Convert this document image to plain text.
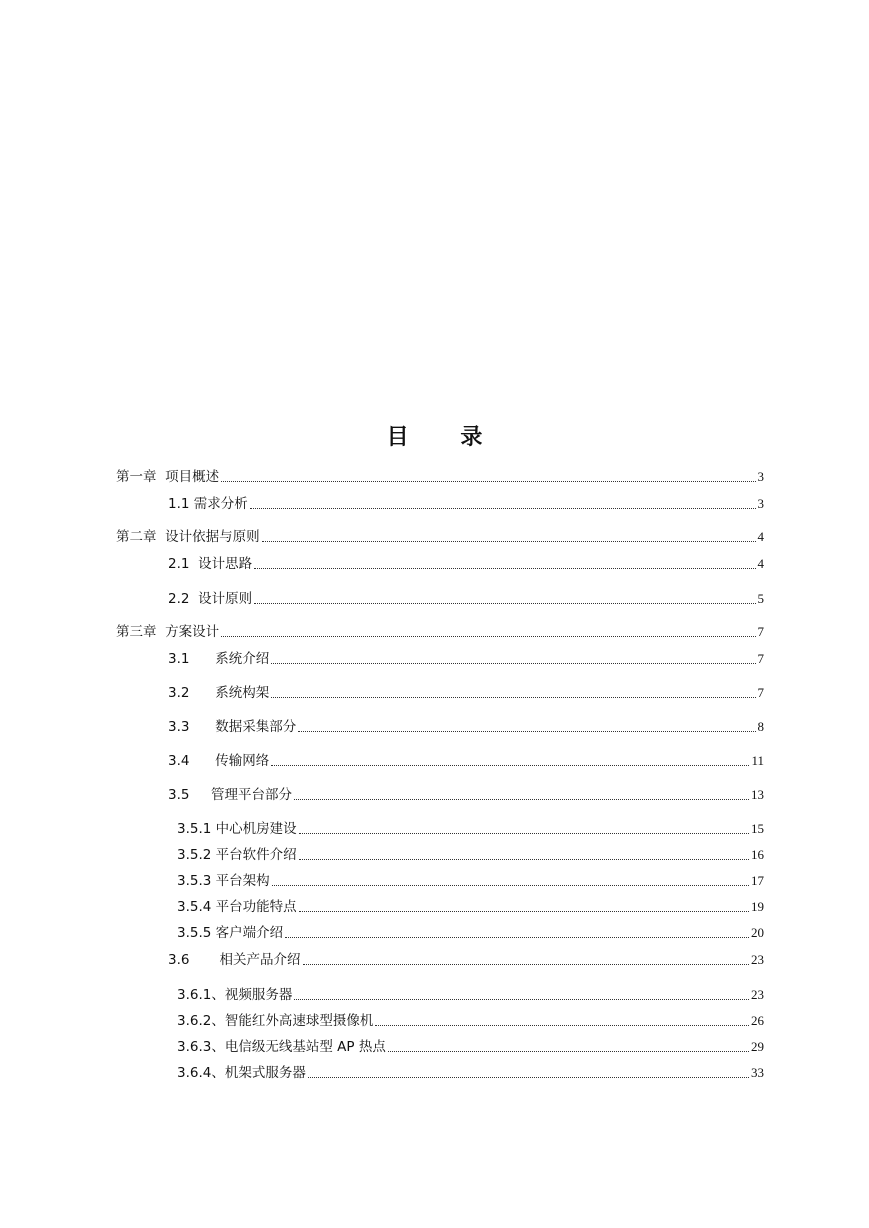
目 录
第一章 项目概述	3
1.1 需求分析	3
第二章 设计依据与原则	4
2.1 设计思路	4
2.2 设计原则	5
第三章 方案设计	7
3.1 系统介绍	7
3.2 系统构架	7
3.3 数据采集部分	8
3.4 传输网络	11
3.5 管理平台部分	13
3.5.1 中心机房建设	15
3.5.2 平台软件介绍	16
3.5.3 平台架构	17
3.5.4 平台功能特点	19
3.5.5 客户端介绍	20
3.6 相关产品介绍	23
3.6.1、视频服务器	23
3.6.2、智能红外高速球型摄像机	26
3.6.3、电信级无线基站型 AP 热点	29
3.6.4、机架式服务器	33
